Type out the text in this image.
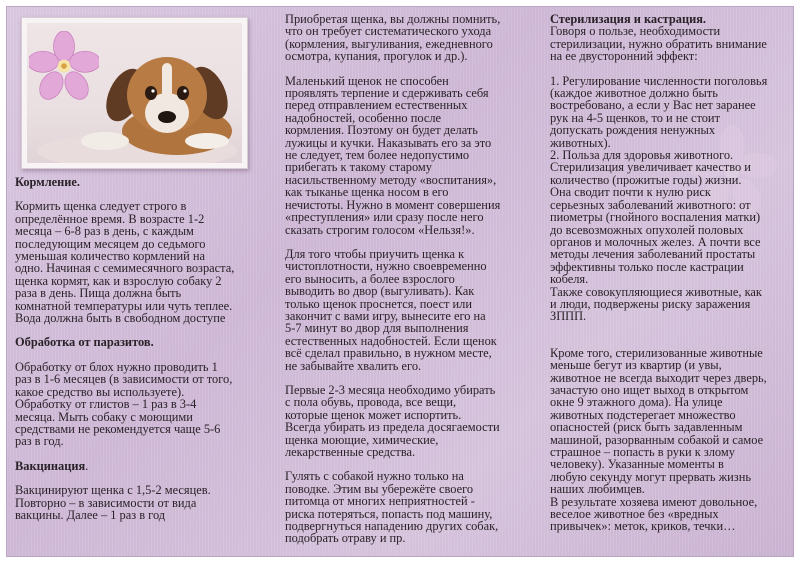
Кормление.

Кормить щенка следует строго в

определённое время. В возрасте 1-2

месяца – 6-8 раз в день, с каждым

последующим месяцем до седьмого

уменьшая количество кормлений на

одно. Начиная с семимесячного возраста,

щенка кормят, как и взрослую собаку 2

раза в день. Пища должна быть

комнатной температуры или чуть теплее.

Вода должна быть в свободном доступе

Обработка от паразитов.

Обработку от блох нужно проводить 1

раз в 1-6 месяцев (в зависимости от того,

какое средство вы используете).

Обработку от глистов – 1 раз в 3-4

месяца. Мыть собаку с моющими

средствами не рекомендуется чаще 5-6

раз в год.

Вакцинация.

Вакцинируют щенка с 1,5-2 месяцев.

Повторно – в зависимости от вида

вакцины. Далее – 1 раз в год

Приобретая щенка, вы должны помнить,

что он требует систематического ухода

(кормления, выгуливания, ежедневного

осмотра, купания, прогулок и др.).

Маленький щенок не способен

проявлять терпение и сдерживать себя

перед отправлением естественных

надобностей, особенно после

кормления. Поэтому он будет делать

лужицы и кучки. Наказывать его за это

не следует, тем более недопустимо

прибегать к такому старому

насильственному методу «воспитания»,

как тыканье щенка носом в его

нечистоты. Нужно в момент совершения

«преступления» или сразу после него

сказать строгим голосом «Нельзя!».

Для того чтобы приучить щенка к

чистоплотности, нужно своевременно

его выносить, а более взрослого

выводить во двор (выгуливать). Как

только щенок проснется, поест или

закончит с вами игру, вынесите его на

5-7 минут во двор для выполнения

естественных надобностей. Если щенок

всё сделал правильно, в нужном месте,

не забывайте хвалить его.

Первые 2-3 месяца необходимо убирать

с пола обувь, провода, все вещи,

которые щенок может испортить.

Всегда убирать из предела досягаемости

щенка моющие, химические,

лекарственные средства.

Гулять с собакой нужно только на

поводке. Этим вы убережёте своего

питомца от многих неприятностей -

риска потеряться, попасть под машину,

подвергнуться нападению других собак,

подобрать отраву и пр.

Стерилизация и кастрация.

Говоря о пользе, необходимости

стерилизации, нужно обратить внимание

на ее двусторонний эффект:

1. Регулирование численности поголовья

(каждое животное должно быть

востребовано, а если у Вас нет заранее

рук на 4-5 щенков, то и не стоит

допускать рождения ненужных

животных).

2. Польза для здоровья животного.

Стерилизация увеличивает качество и

количество (прожитые годы) жизни.

Она сводит почти к нулю риск

серьезных заболеваний животного: от

пиометры (гнойного воспаления матки)

до всевозможных опухолей половых

органов и молочных желез. А почти все

методы лечения заболеваний простаты

эффективны только после кастрации

кобеля.

Также совокупляющиеся животные, как

и люди, подвержены риску заражения

ЗППП.

Кроме того, стерилизованные животные

меньше бегут из квартир (и увы,

животное не всегда выходит через дверь,

зачастую оно ищет выход в открытом

окне 9 этажного дома). На улице

животных подстерегает множество

опасностей (риск быть задавленным

машиной, разорванным собакой и самое

страшное – попасть в руки к злому

человеку). Указанные моменты в

любую секунду могут прервать жизнь

наших любимцев.

В результате хозяева имеют довольное,

веселое животное без «вредных

привычек»: меток, криков, течки…
